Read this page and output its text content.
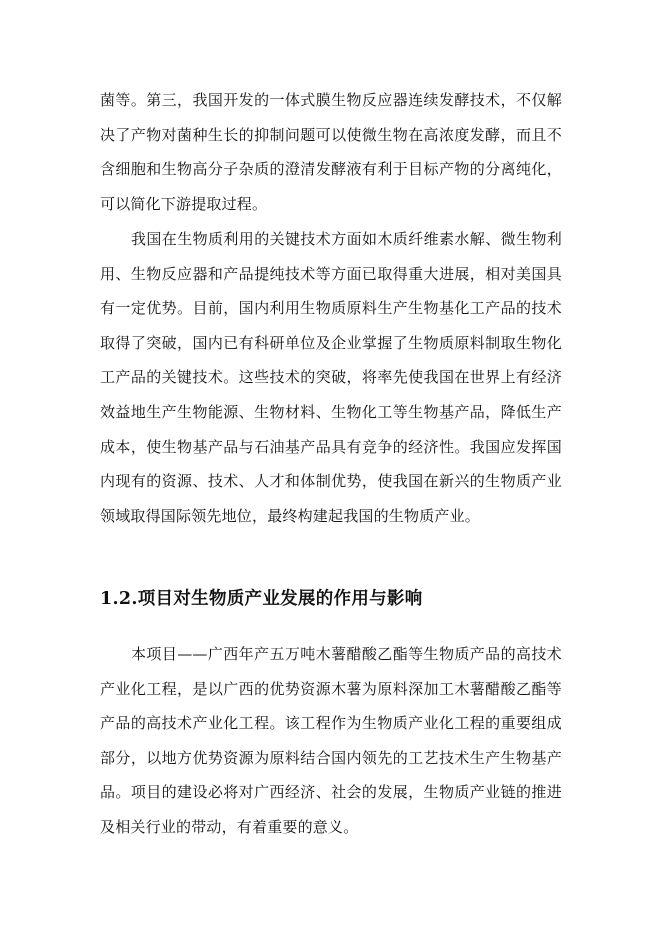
菌等。第三，我国开发的一体式膜生物反应器连续发酵技术，不仅解决了产物对菌种生长的抑制问题可以使微生物在高浓度发酵，而且不含细胞和生物高分子杂质的澄清发酵液有利于目标产物的分离纯化，可以简化下游提取过程。

我国在生物质利用的关键技术方面如木质纤维素水解、微生物利用、生物反应器和产品提纯技术等方面已取得重大进展，相对美国具有一定优势。目前，国内利用生物质原料生产生物基化工产品的技术取得了突破，国内已有科研单位及企业掌握了生物质原料制取生物化工产品的关键技术。这些技术的突破，将率先使我国在世界上有经济效益地生产生物能源、生物材料、生物化工等生物基产品，降低生产成本，使生物基产品与石油基产品具有竞争的经济性。我国应发挥国内现有的资源、技术、人才和体制优势，使我国在新兴的生物质产业领域取得国际领先地位，最终构建起我国的生物质产业。

1.2.项目对生物质产业发展的作用与影响

本项目——广西年产五万吨木薯醋酸乙酯等生物质产品的高技术产业化工程，是以广西的优势资源木薯为原料深加工木薯醋酸乙酯等产品的高技术产业化工程。该工程作为生物质产业化工程的重要组成部分，以地方优势资源为原料结合国内领先的工艺技术生产生物基产品。项目的建设必将对广西经济、社会的发展，生物质产业链的推进及相关行业的带动，有着重要的意义。
